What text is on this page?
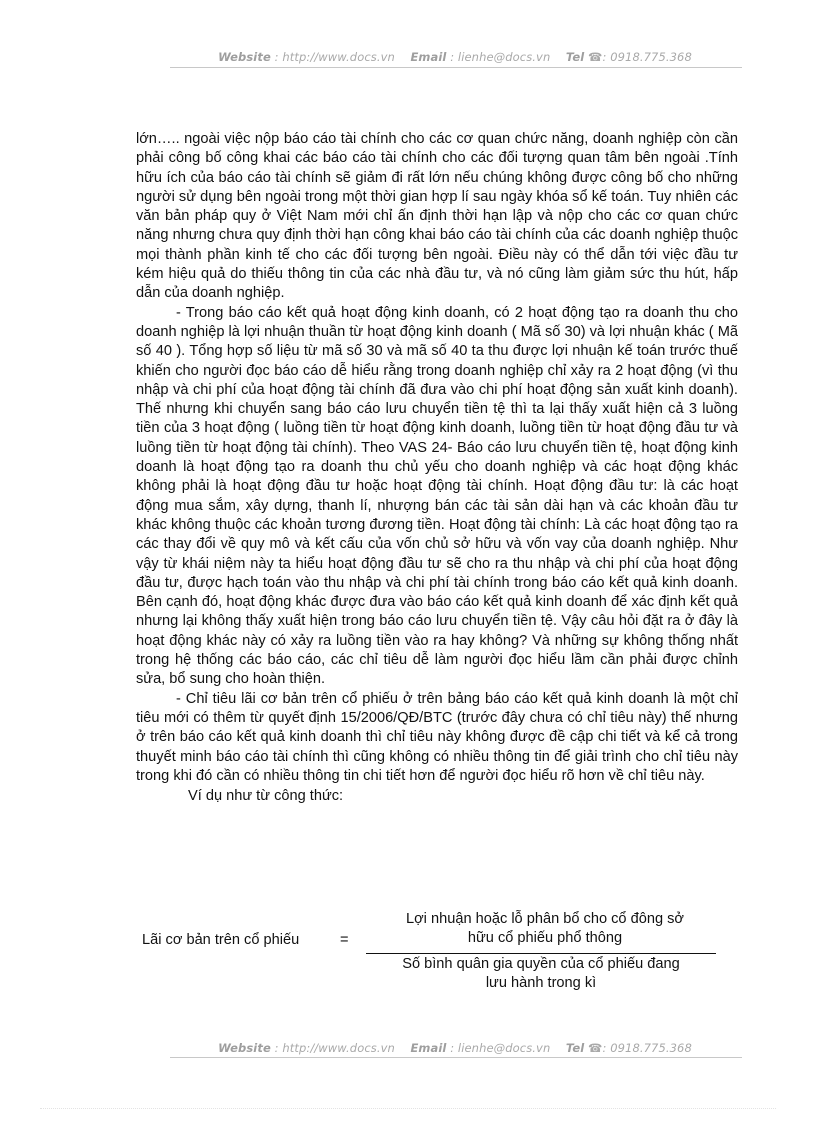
Website : http://www.docs.vn Email : lienhe@docs.vn Tel ☎: 0918.775.368

lớn….. ngoài việc nộp báo cáo tài chính cho các cơ quan chức năng, doanh nghiệp còn cần phải công bố công khai các báo cáo tài chính cho các đối tượng quan tâm bên ngoài .Tính hữu ích của báo cáo tài chính sẽ giảm đi rất lớn nếu chúng không được công bố cho những người sử dụng bên ngoài trong một thời gian hợp lí sau ngày khóa sổ kế toán. Tuy nhiên các văn bản pháp quy ở Việt Nam mới chỉ ấn định thời hạn lập và nộp cho các cơ quan chức năng nhưng chưa quy định thời hạn công khai báo cáo tài chính của các doanh nghiệp thuộc mọi thành phần kinh tế cho các đối tượng bên ngoài. Điều này có thể dẫn tới việc đầu tư kém hiệu quả do thiếu thông tin của các nhà đầu tư, và nó cũng làm giảm sức thu hút, hấp dẫn của doanh nghiệp.

- Trong báo cáo kết quả hoạt động kinh doanh, có 2 hoạt động tạo ra doanh thu cho doanh nghiệp là lợi nhuận thuần từ hoạt động kinh doanh ( Mã số 30) và lợi nhuận khác ( Mã số 40 ). Tổng hợp số liệu từ mã số 30 và mã số 40 ta thu được lợi nhuận kế toán trước thuế khiến cho người đọc báo cáo dễ hiểu rằng trong doanh nghiệp chỉ xảy ra 2 hoạt động (vì thu nhập và chi phí của hoạt động tài chính đã đưa vào chi phí hoạt động sản xuất kinh doanh). Thế nhưng khi chuyển sang báo cáo lưu chuyển tiền tệ thì ta lại thấy xuất hiện cả 3 luồng tiền của 3 hoạt động ( luồng tiền từ hoạt động kinh doanh, luồng tiền từ hoạt động đầu tư và luồng tiền từ hoạt động tài chính). Theo VAS 24- Báo cáo lưu chuyển tiền tệ, hoạt động kinh doanh là hoạt động tạo ra doanh thu chủ yếu cho doanh nghiệp và các hoạt động khác không phải là hoạt động đầu tư hoặc hoạt động tài chính. Hoạt động đầu tư: là các hoạt động mua sắm, xây dựng, thanh lí, nhượng bán các tài sản dài hạn và các khoản đầu tư khác không thuộc các khoản tương đương tiền. Hoạt động tài chính: Là các hoạt động tạo ra các thay đổi về quy mô và kết cấu của vốn chủ sở hữu và vốn vay của doanh nghiệp. Như vậy từ khái niệm này ta hiểu hoạt động đầu tư sẽ cho ra thu nhập và chi phí của hoạt động đầu tư, được hạch toán vào thu nhập và chi phí tài chính trong báo cáo kết quả kinh doanh. Bên cạnh đó, hoạt động khác được đưa vào báo cáo kết quả kinh doanh để xác định kết quả nhưng lại không thấy xuất hiện trong báo cáo lưu chuyển tiền tệ. Vậy câu hỏi đặt ra ở đây là hoạt động khác này có xảy ra luồng tiền vào ra hay không? Và những sự không thống nhất trong hệ thống các báo cáo, các chỉ tiêu dễ làm người đọc hiểu lầm cần phải được chỉnh sửa, bổ sung cho hoàn thiện.

- Chỉ tiêu lãi cơ bản trên cổ phiếu ở trên bảng báo cáo kết quả kinh doanh là một chỉ tiêu mới có thêm từ quyết định 15/2006/QĐ/BTC (trước đây chưa có chỉ tiêu này) thế nhưng ở trên báo cáo kết quả kinh doanh thì chỉ tiêu này không được đề cập chi tiết và kể cả trong thuyết minh báo cáo tài chính thì cũng không có nhiều thông tin để giải trình cho chỉ tiêu này trong khi đó cần có nhiều thông tin chi tiết hơn để người đọc hiểu rõ hơn về chỉ tiêu này.

Ví dụ như từ công thức:

Lãi cơ bản trên cổ phiếu	=
Lợi nhuận hoặc lỗ phân bổ cho cổ đông sở
hữu cổ phiếu phổ thông
Số bình quân gia quyền của cổ phiếu đang
lưu hành trong kì
Website : http://www.docs.vn Email : lienhe@docs.vn Tel ☎: 0918.775.368
